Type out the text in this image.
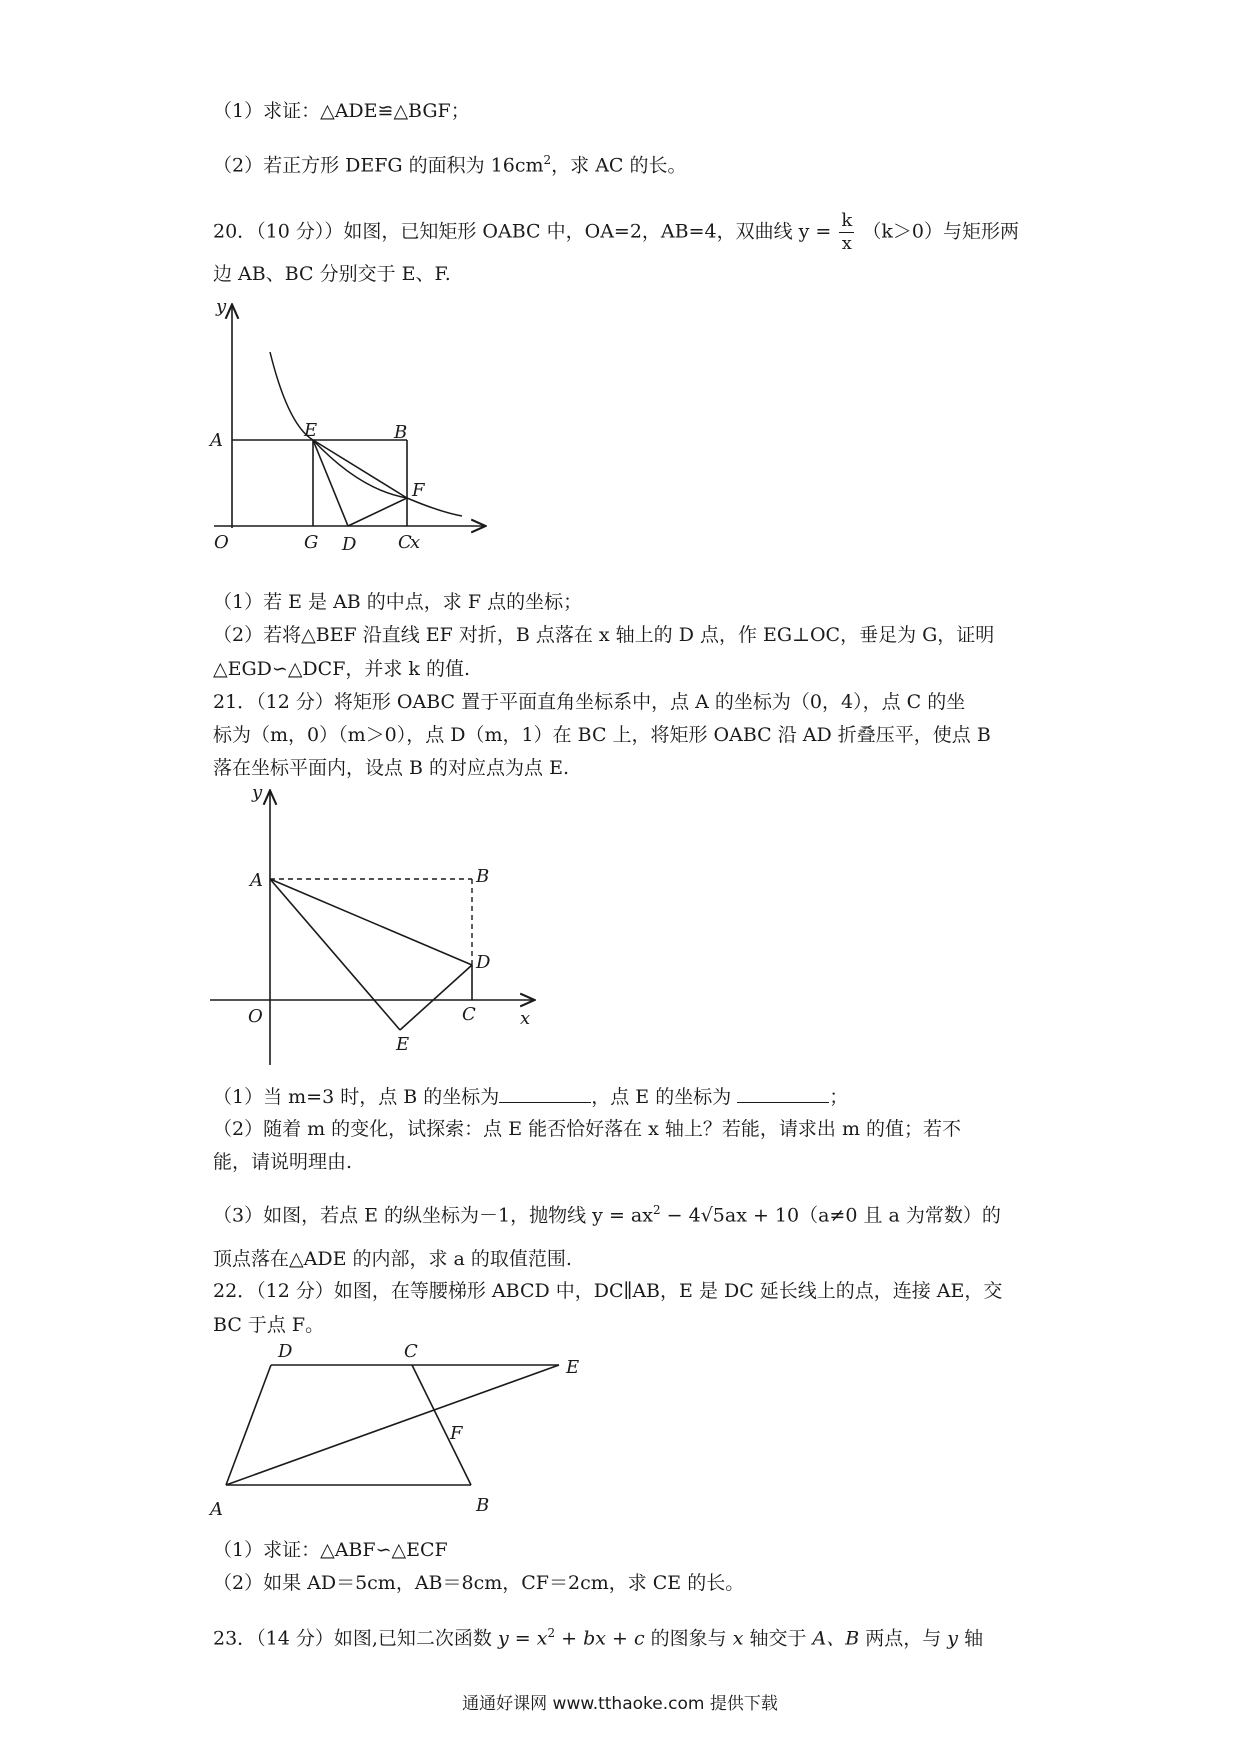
（1）求证：△ADE≌△BGF；
（2）若正方形 DEFG 的面积为 $16cm^2$，求 AC 的长。
20．（10 分））如图，已知矩形 OABC 中，OA=2，AB=4，双曲线 $y = \frac{k}{x} (k>0)$与矩形两
边 AB、BC 分别交于 E、F.
y
x
A	E	B
F
O	G D C
（1）若 E 是 AB 的中点，求 F 点的坐标；
（2）若将△BEF 沿直线 EF 对折，B 点落在 x 轴上的 D 点，作 EG⊥OC，垂足为 G，证明
△EGD∽△DCF，并求 k 的值.
21．（12 分）将矩形 OABC 置于平面直角坐标系中，点 A 的坐标为（0，4），点 C 的坐
标为（m，0）（m＞0），点 D（m，1）在 BC 上，将矩形 OABC 沿 AD 折叠压平，使点 B
落在坐标平面内，设点 B 的对应点为点 E.
y
x
A	B
D
O
E
C
（1）当 m=3 时，点 B 的坐标为	，点 E 的坐标为	；
（2）随着 m 的变化，试探索：点 E 能否恰好落在 x 轴上？若能，请求出 m 的值；若不
能，请说明理由.
（3）如图，若点 E 的纵坐标为－1，抛物线 $y = ax^2 - 4√5ax + 10(a\ne 0$ 且 a 为常数）的
顶点落在△ADE 的内部，求 a 的取值范围.
22．（12 分）如图，在等腰梯形 ABCD 中，DC∥AB，E 是 DC 延长线上的点，连接 AE，交
BC 于点 F。
D	C
E
F
A	B
（1）求证：△ABF∽△ECF
（2）如果 AD＝5cm，AB＝8cm，CF＝2cm，求 CE 的长。
23．（14 分）如图,已知二次函数 $y = x^2$ + bx + c 的图象与 x 轴交于 A、B 两点，与 y 轴
通通好课网 www.tthaoke.com 提供下载
